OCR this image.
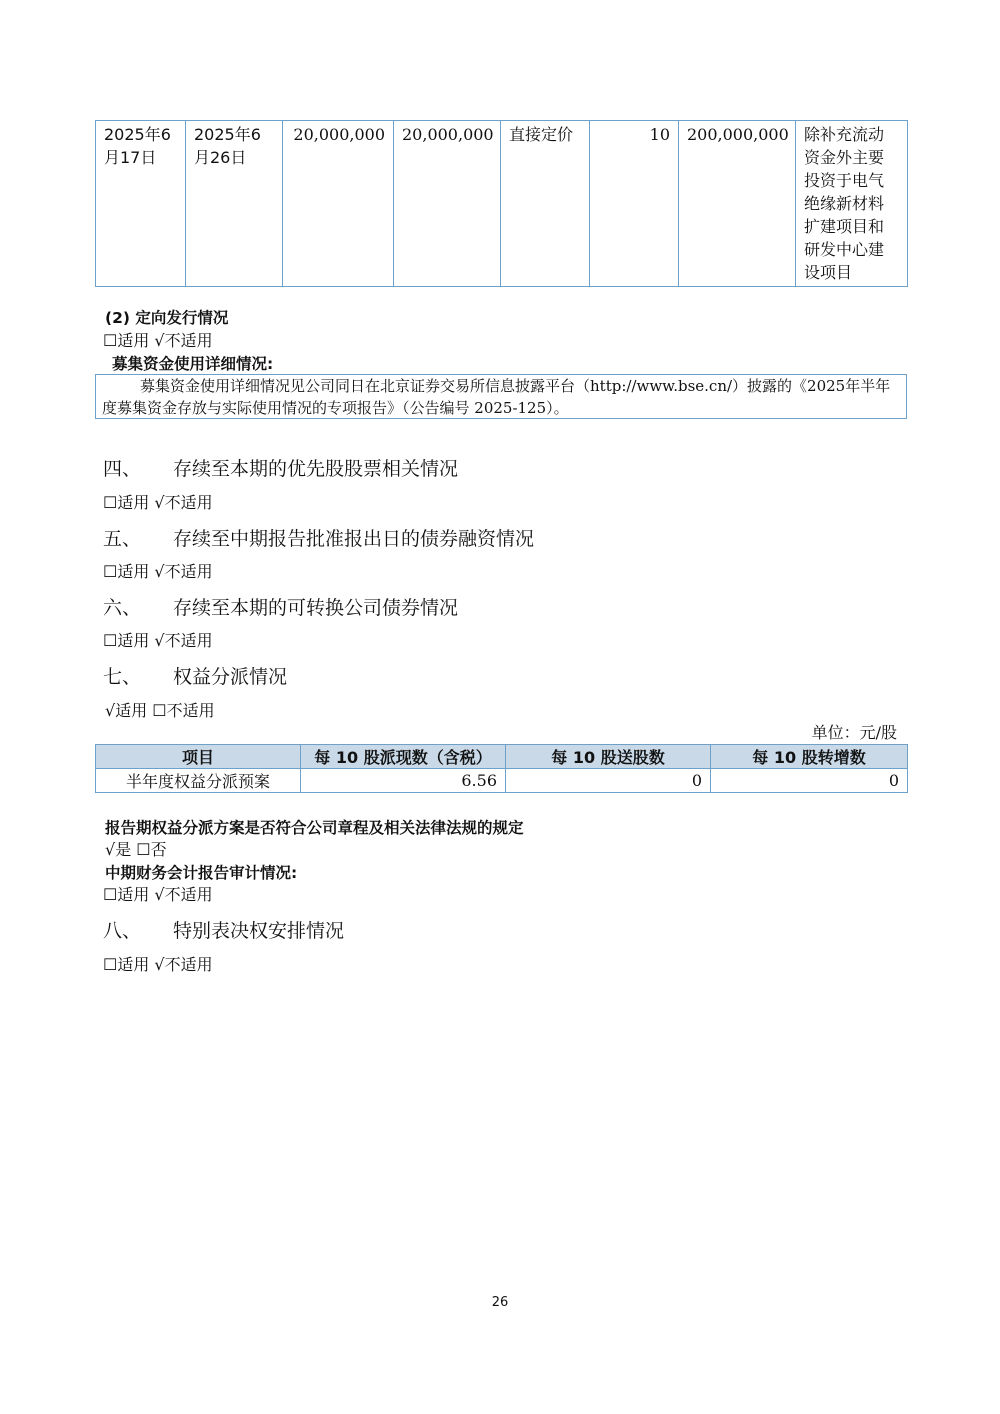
2025年6月17日	2025年6月26日	20,000,000	20,000,000	直接定价	10	200,000,000	除补充流动资金外主要投资于电气绝缘新材料扩建项目和研发中心建设项目
(2) 定向发行情况
☐适用 √不适用
募集资金使用详细情况:
募集资金使用详细情况见公司同日在北京证券交易所信息披露平台（http://www.bse.cn/）披露的《2025年半年度募集资金存放与实际使用情况的专项报告》（公告编号 2025-125）。
四、 存续至本期的优先股股票相关情况
☐适用 √不适用
五、 存续至中期报告批准报出日的债券融资情况
☐适用 √不适用
六、 存续至本期的可转换公司债券情况
☐适用 √不适用
七、 权益分派情况
√适用 ☐不适用
单位：元/股
项目	每 10 股派现数（含税）	每 10 股送股数	每 10 股转增数
半年度权益分派预案	6.56	0	0
报告期权益分派方案是否符合公司章程及相关法律法规的规定
√是 ☐否
中期财务会计报告审计情况:
☐适用 √不适用
八、 特别表决权安排情况
☐适用 √不适用
26
